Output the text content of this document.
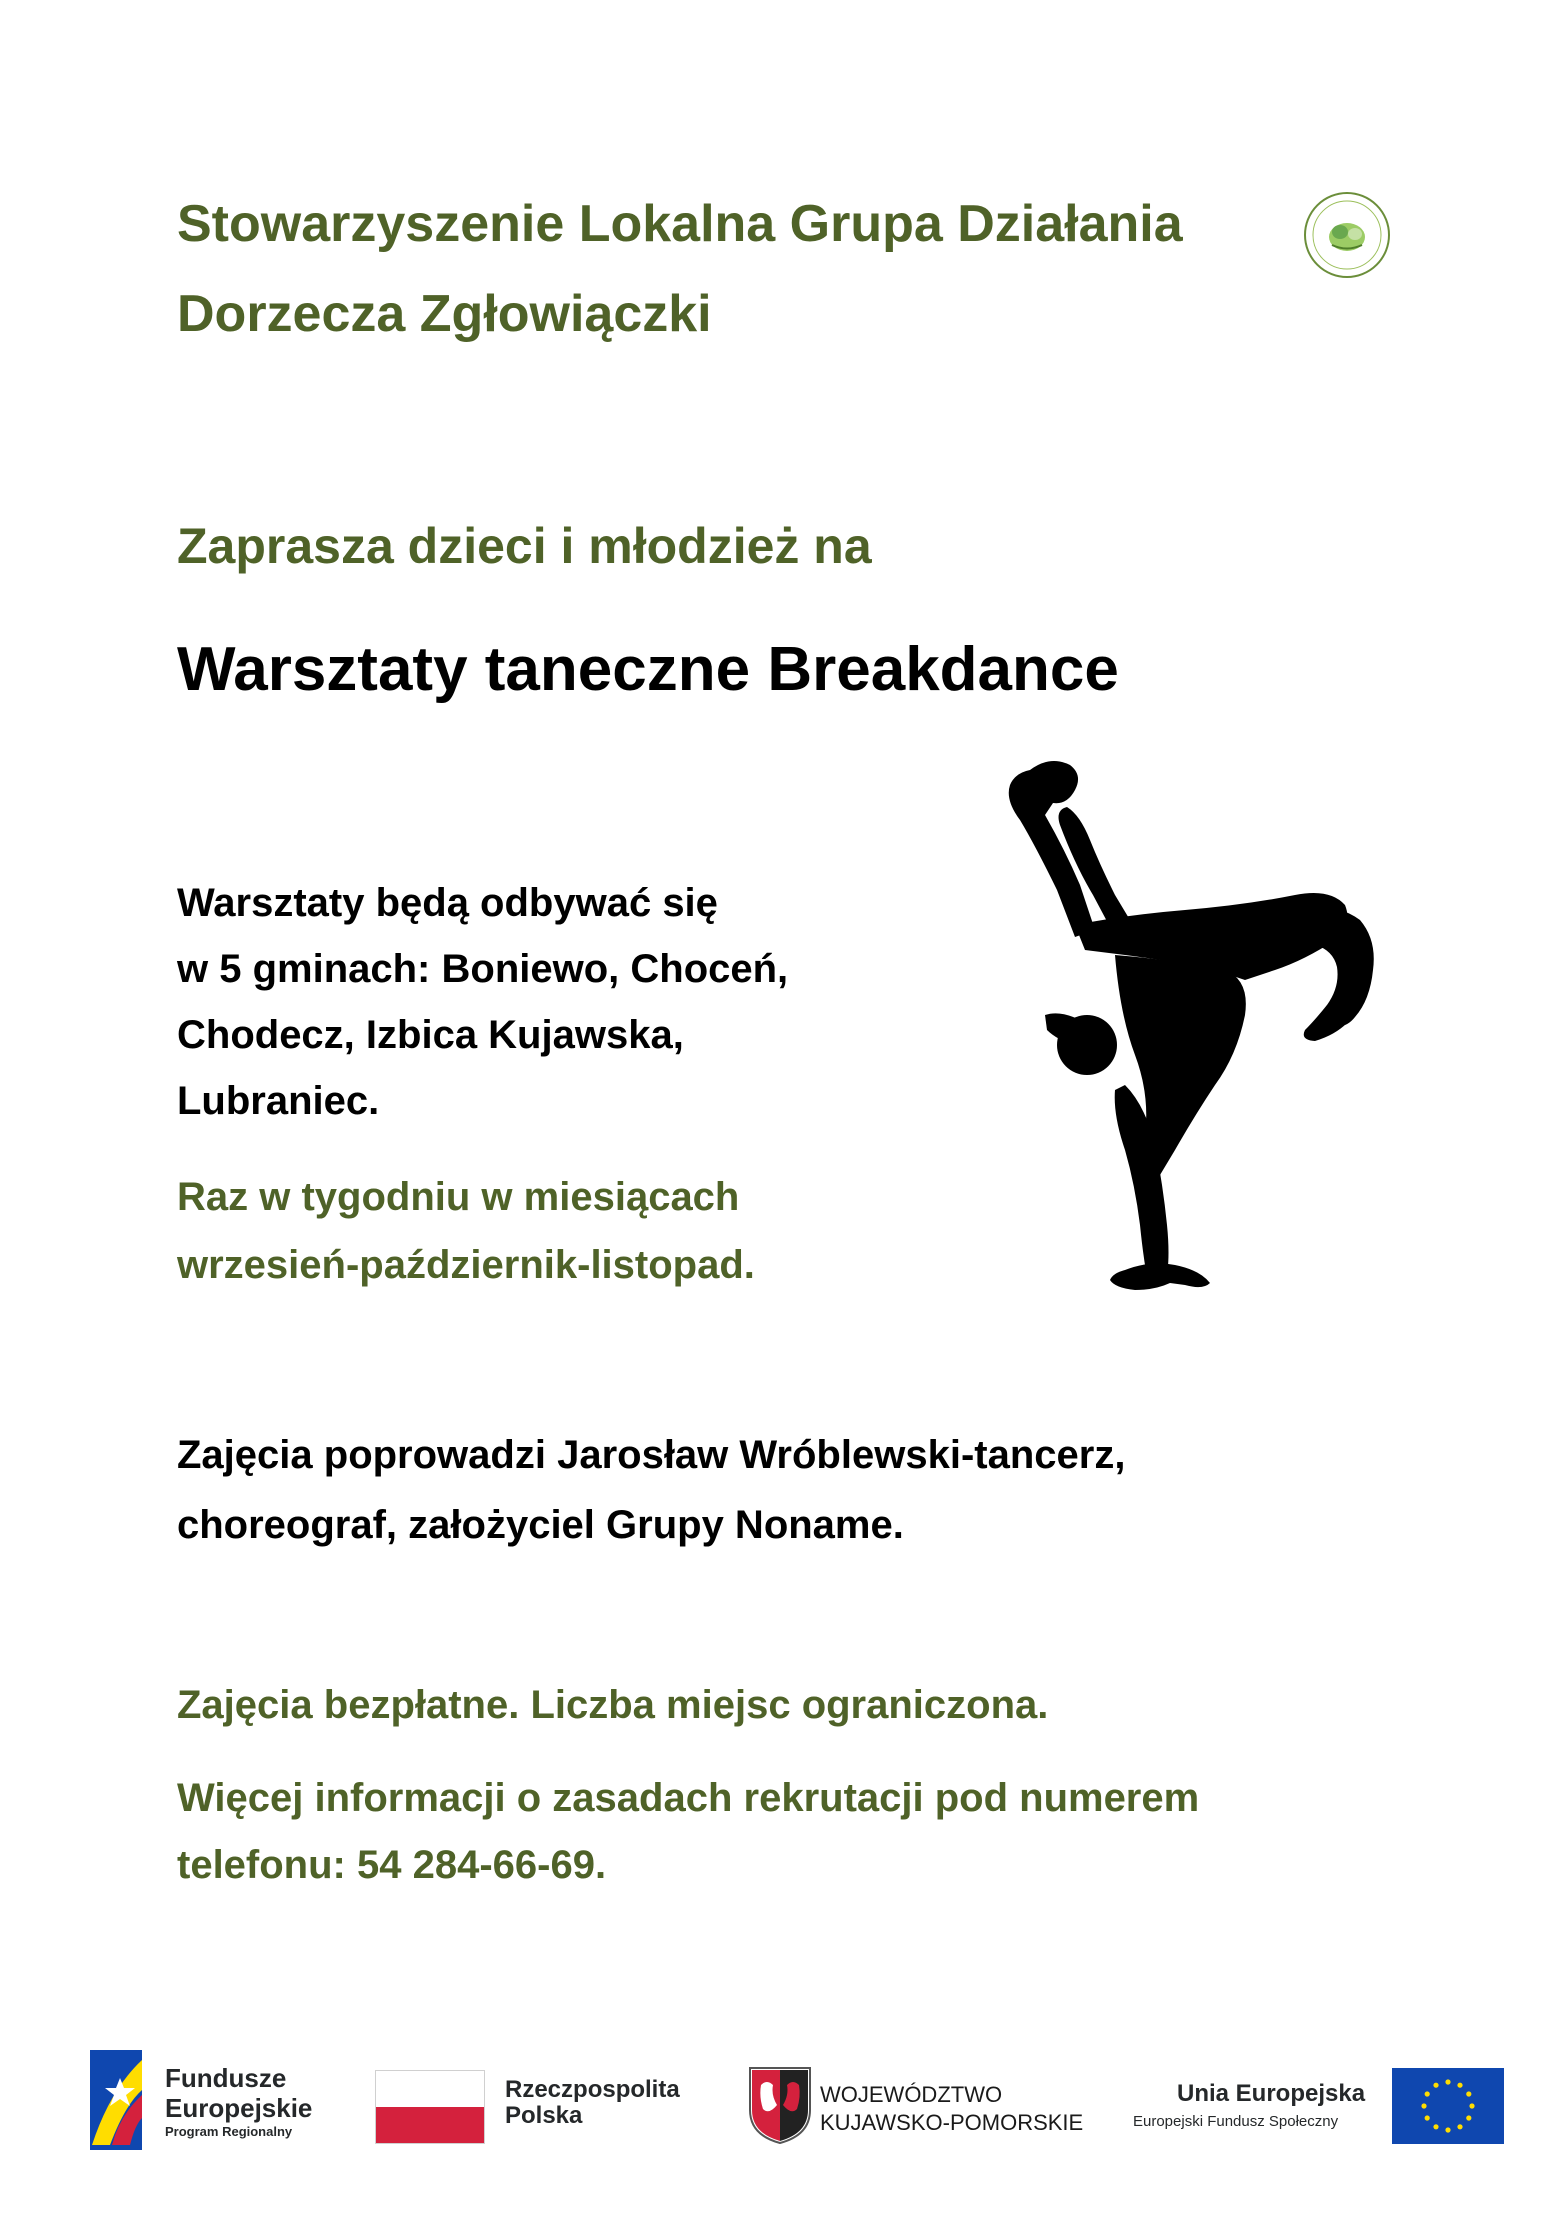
Stowarzyszenie Lokalna Grupa Działania

Dorzecza Zgłowiączki

Zaprasza dzieci i młodzież na

Warsztaty taneczne Breakdance

Warsztaty będą odbywać się

w 5 gminach: Boniewo, Choceń,

Chodecz, Izbica Kujawska,

Lubraniec.

Raz w tygodniu w miesiącach

wrzesień-październik-listopad.

Zajęcia poprowadzi Jarosław Wróblewski-tancerz,

choreograf, założyciel Grupy Noname.

Zajęcia bezpłatne. Liczba miejsc ograniczona.

Więcej informacji o zasadach rekrutacji pod numerem

telefonu: 54 284-66-69.

Fundusze
Europejskie
Program Regionalny
Rzeczpospolita
Polska
WOJEWÓDZTWO
KUJAWSKO-POMORSKIE
Unia Europejska
Europejski Fundusz Społeczny
